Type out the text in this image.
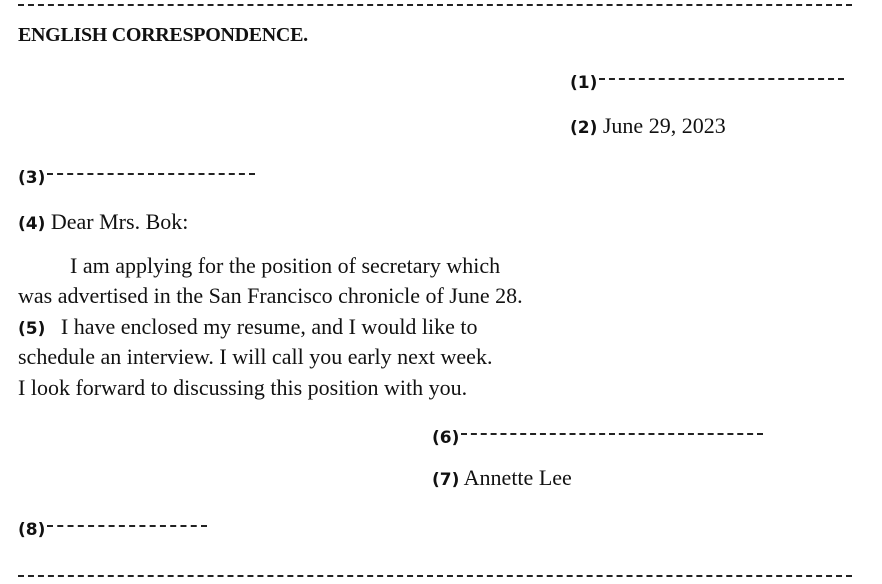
ENGLISH CORRESPONDENCE.
(1)
(2) June 29, 2023
(3)
(4) Dear Mrs. Bok:
I am applying for the position of secretary which
was advertised in the San Francisco chronicle of June 28.
(5) I have enclosed my resume, and I would like to
schedule an interview. I will call you early next week.
I look forward to discussing this position with you.
(6)
(7) Annette Lee
(8)
